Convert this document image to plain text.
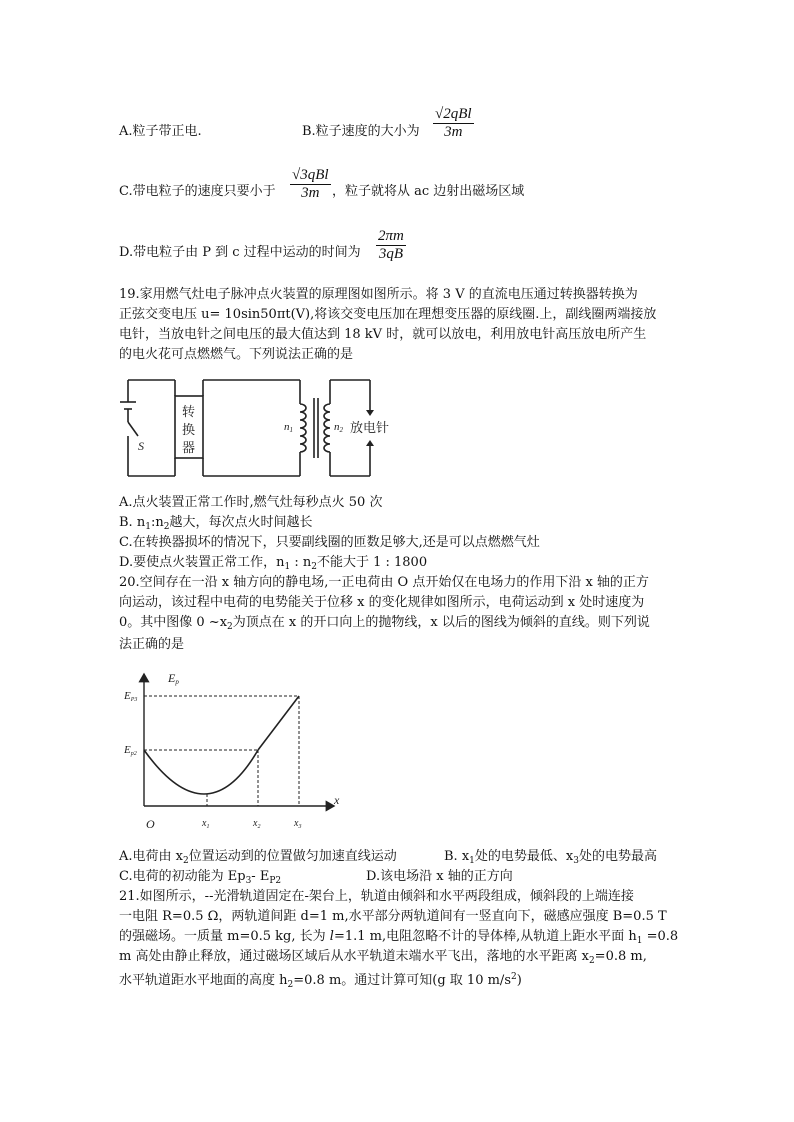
A.粒子带正电.	B.粒子速度的大小为
√2qBl
3m
C.带电粒子的速度只要小于
√3qBl
3m ，粒子就将从 ac 边射出磁场区域
D.带电粒子由 P 到 c 过程中运动的时间为 $\frac{2\pi m}{3qB}$
19.家用燃气灶电子脉冲点火装置的原理图如图所示。将 3 V 的直流电压通过转换器转换为
正弦交变电压 u= 10sin50πt(V),将该交变电压加在理想变压器的原线圈.上，副线圈两端接放
电针，当放电针之间电压的最大值达到 18 kV 时，就可以放电，利用放电针高压放电所产生
的电火花可点燃燃气。下列说法正确的是
S
转
换
器
n1	n2 放电针
A.点火装置正常工作时,燃气灶每秒点火 50 次
B. $n_1:n_2$越大，每次点火时间越长
C.在转换器损坏的情况下，只要副线圈的匝数足够大,还是可以点燃燃气灶
D.要使点火装置正常工作，$n_1$ : $n_2$不能大于 1 : 1800
20.空间存在一沿 x 轴方向的静电场,一正电荷由 O 点开始仅在电场力的作用下沿 x 轴的正方
向运动，该过程中电荷的电势能关于位移 x 的变化规律如图所示，电荷运动到 x 处时速度为
0。其中图像 0 $\sim x_2$为顶点在 x 的开口向上的抛物线，x 以后的图线为倾斜的直线。则下列说
法正确的是
Ep
EP3
Ep2
x
O	$x_1$	$x_2$	$x_3$
A.电荷由 $x_2$位置运动到的位置做匀加速直线运动	B. $x_1$处的电势最低、$x_3$处的电势最高
C.电荷的初动能为 $Ep_3-$ $E_{P2}$	D.该电场沿 x 轴的正方向
21.如图所示，--光滑轨道固定在-架台上，轨道由倾斜和水平两段组成，倾斜段的上端连接
一电阻 R=0.5 Ω，两轨道间距 d=1 m,水平部分两轨道间有一竖直向下，磁感应强度 B=0.5 T
的强磁场。一质量 m=0.5 kg, 长为 l=1.1 m,电阻忽略不计的导体棒,从轨道上距水平面 $h_1 =0.8$
m 高处由静止释放，通过磁场区域后从水平轨道末端水平飞出，落地的水平距离 $x_2=0.8$ m,
水平轨道距水平地面的高度 $h_2=0.8$ m。通过计算可知(g 取 10 $m/s^2$)
